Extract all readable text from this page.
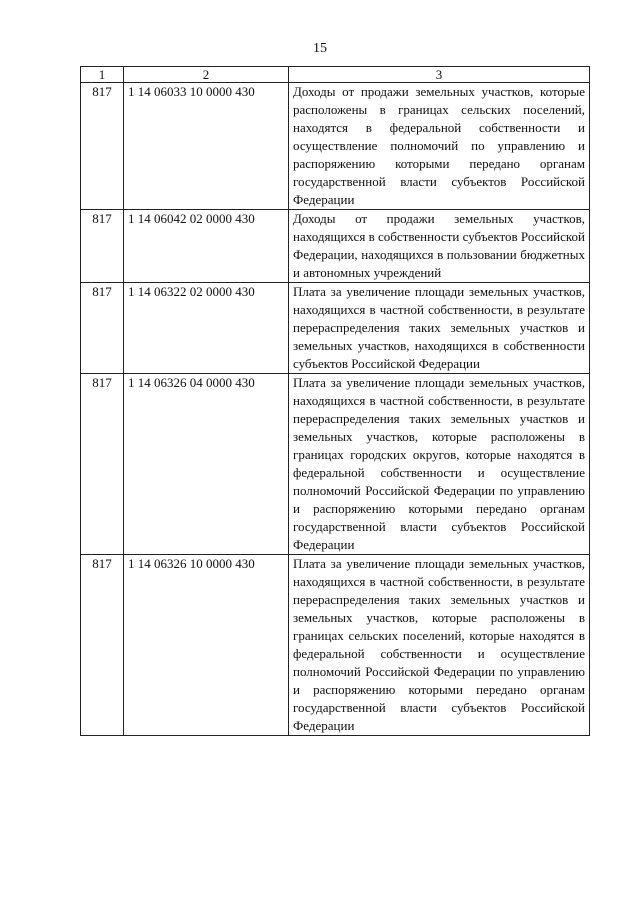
15
1	2	3
817	1 14 06033 10 0000 430	Доходы от продажи земельных участков, которые расположены в границах сельских поселений, находятся в федеральной собственности и осуществление полномочий по управлению и распоряжению которыми передано органам государственной власти субъектов Российской Федерации
817	1 14 06042 02 0000 430	Доходы от продажи земельных участков, находящихся в собственности субъектов Российской Федерации, находящихся в пользовании бюджетных и автономных учреждений
817	1 14 06322 02 0000 430	Плата за увеличение площади земельных участков, находящихся в частной собственности, в результате перераспределения таких земельных участков и земельных участков, находящихся в собственности субъектов Российской Федерации
817	1 14 06326 04 0000 430	Плата за увеличение площади земельных участков, находящихся в частной собственности, в результате перераспределения таких земельных участков и земельных участков, которые расположены в границах городских округов, которые находятся в федеральной собственности и осуществление полномочий Российской Федерации по управлению и распоряжению которыми передано органам государственной власти субъектов Российской Федерации
817	1 14 06326 10 0000 430	Плата за увеличение площади земельных участков, находящихся в частной собственности, в результате перераспределения таких земельных участков и земельных участков, которые расположены в границах сельских поселений, которые находятся в федеральной собственности и осуществление полномочий Российской Федерации по управлению и распоряжению которыми передано органам государственной власти субъектов Российской Федерации
